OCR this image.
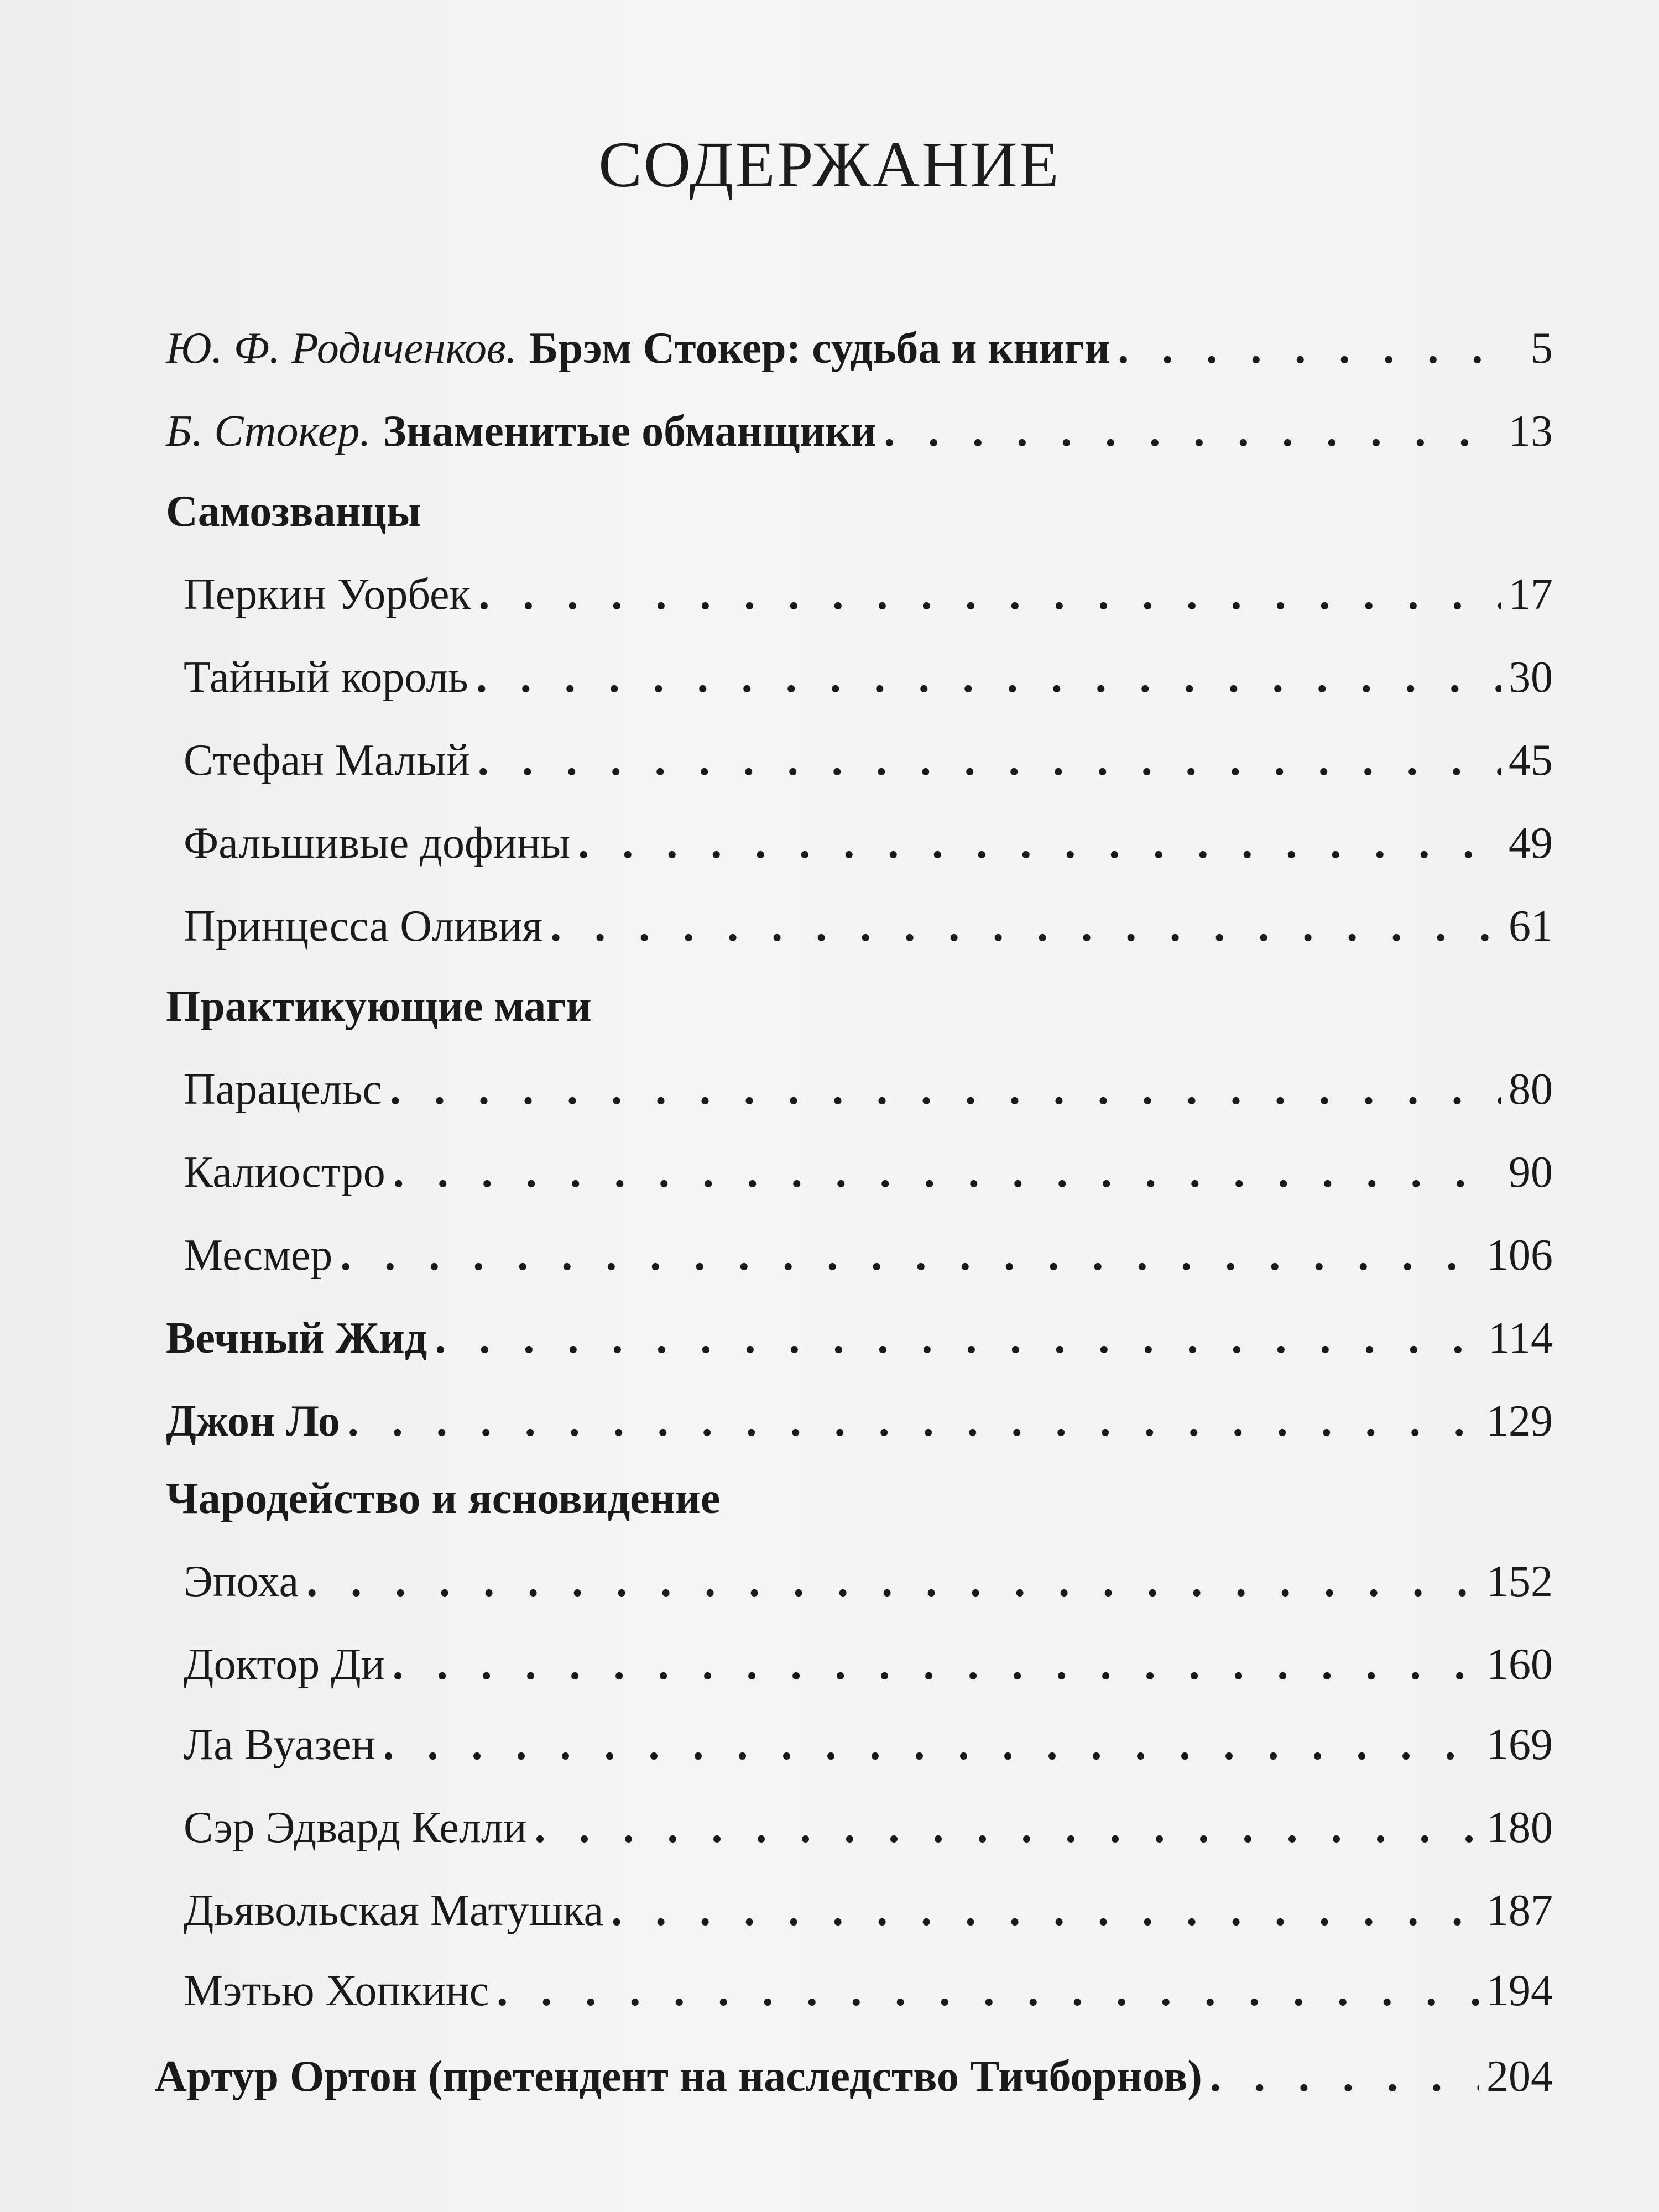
СОДЕРЖАНИЕ
Ю. Ф. Родиченков. Брэм Стокер: судьба и книги . . .	5
Б. Стокер. Знаменитые обманщики . . .	13
Самозванцы
Перкин Уорбек . . .	17
Тайный король . . .	30
Стефан Малый . . .	45
Фальшивые дофины . . .	49
Принцесса Оливия . . .	61
Практикующие маги
Парацельс . . .	80
Калиостро . . .	90
Месмер . . .	106
Вечный Жид . . .	114
Джон Ло . . .	129
Чародейство и ясновидение
Эпоха . . .	152
Доктор Ди . . .	160
Ла Вуазен . . .	169
Сэр Эдвард Келли . . .	180
Дьявольская Матушка . . .	187
Мэтью Хопкинс . . .	194
Артур Ортон (претендент на наследство Тичборнов) . . .	204
